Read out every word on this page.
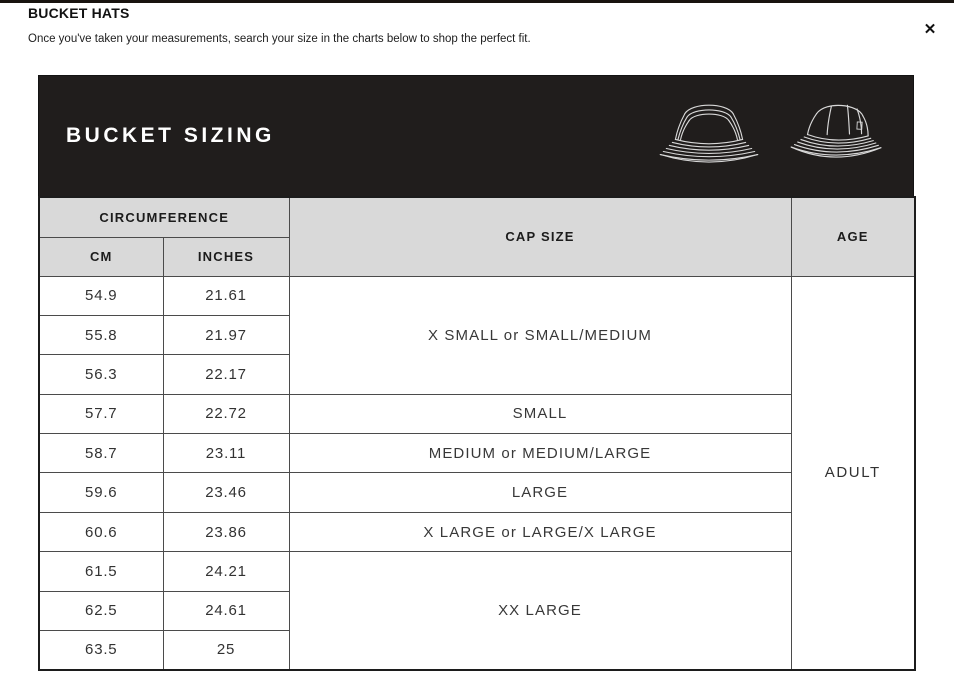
BUCKET HATS
Once you've taken your measurements, search your size in the charts below to shop the perfect fit.
✕
BUCKET SIZING
CIRCUMFERENCE		CAP SIZE	AGE
CM	INCHES		
54.9	21.61	X SMALL or SMALL/MEDIUM	ADULT
55.8	21.97		
56.3	22.17		
57.7	22.72	SMALL	
58.7	23.11	MEDIUM or MEDIUM/LARGE	
59.6	23.46	LARGE	
60.6	23.86	X LARGE or LARGE/X LARGE	
61.5	24.21	XX LARGE	
62.5	24.61		
63.5	25		
